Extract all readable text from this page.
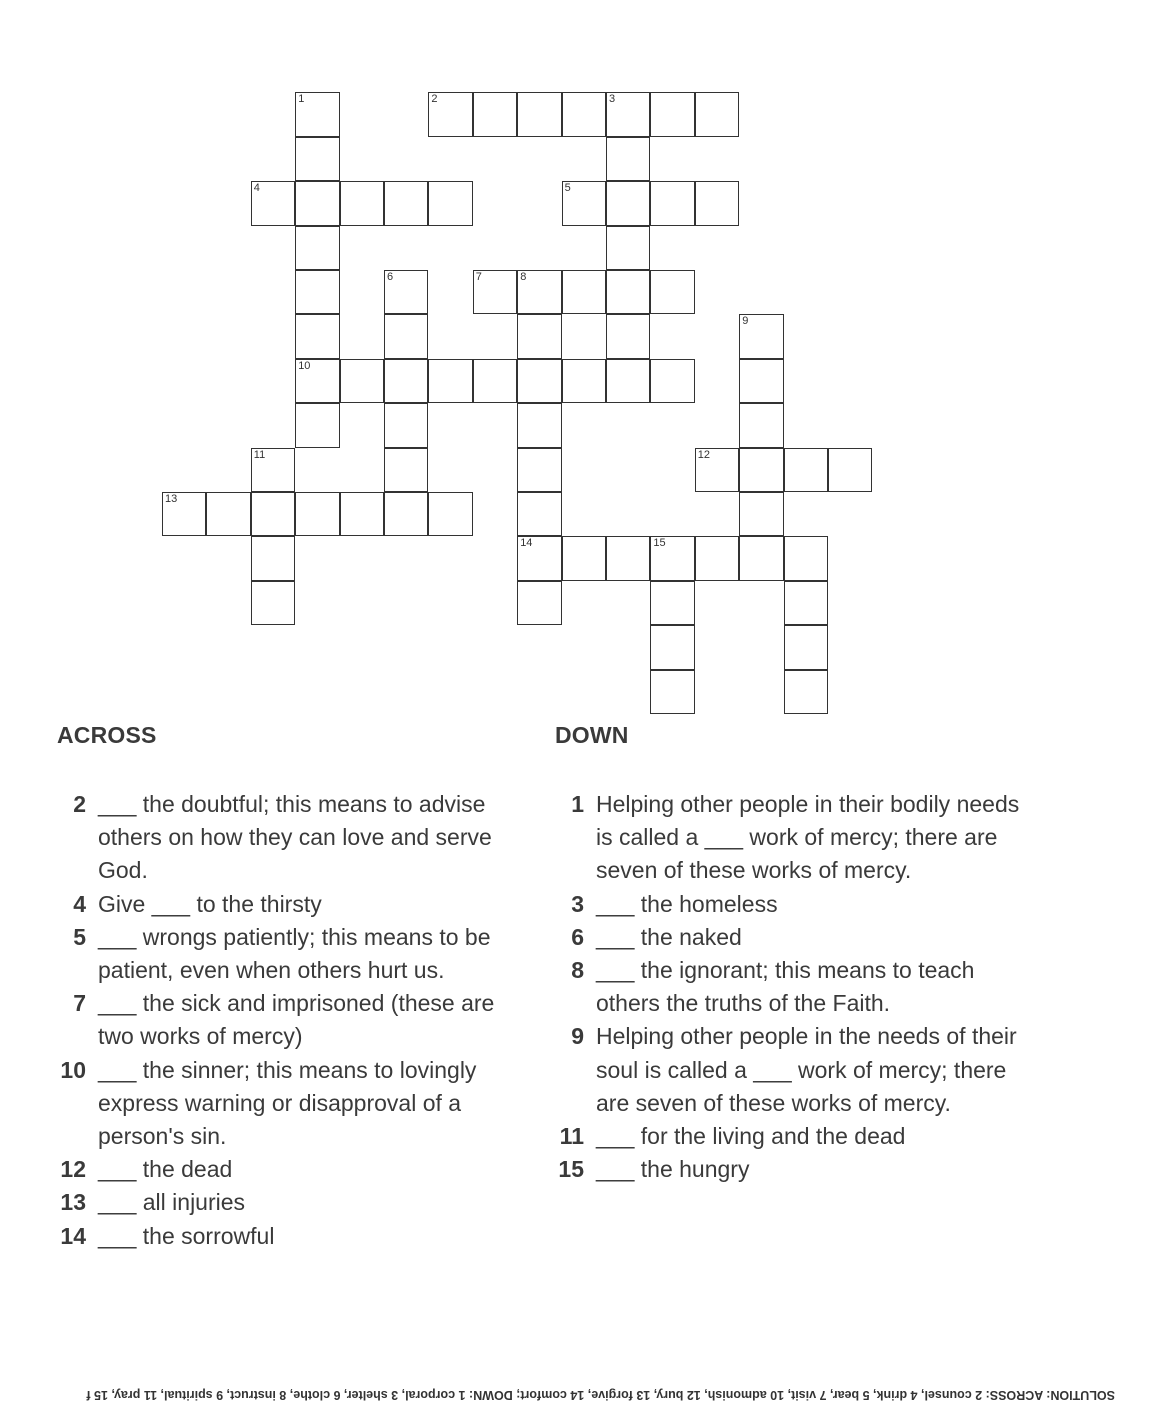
1	2	3
4	5
6	7	8
9
10
11	12
13
14	15
ACROSS	DOWN
2 ___ the doubtful; this means to advise others on how they can love and serve God.
4 Give ___ to the thirsty
5 ___ wrongs patiently; this means to be patient, even when others hurt us.
7 ___ the sick and imprisoned (these are two works of mercy)
10 ___ the sinner; this means to lovingly express warning or disapproval of a person's sin.
12 ___ the dead
13 ___ all injuries
14 ___ the sorrowful
1 Helping other people in their bodily needs is called a ___ work of mercy; there are seven of these works of mercy.
3 ___ the homeless
6 ___ the naked
8 ___ the ignorant; this means to teach others the truths of the Faith.
9 Helping other people in the needs of their soul is called a ___ work of mercy; there are seven of these works of mercy.
11 ___ for the living and the dead
15 ___ the hungry
SOLUTION: ACROSS: 2 counsel, 4 drink, 5 bear, 7 visit, 10 admonish, 12 bury, 13 forgive, 14 comfort; DOWN: 1 corporal, 3 shelter, 6 clothe, 8 instruct, 9 spiritual, 11 pray, 15 f
